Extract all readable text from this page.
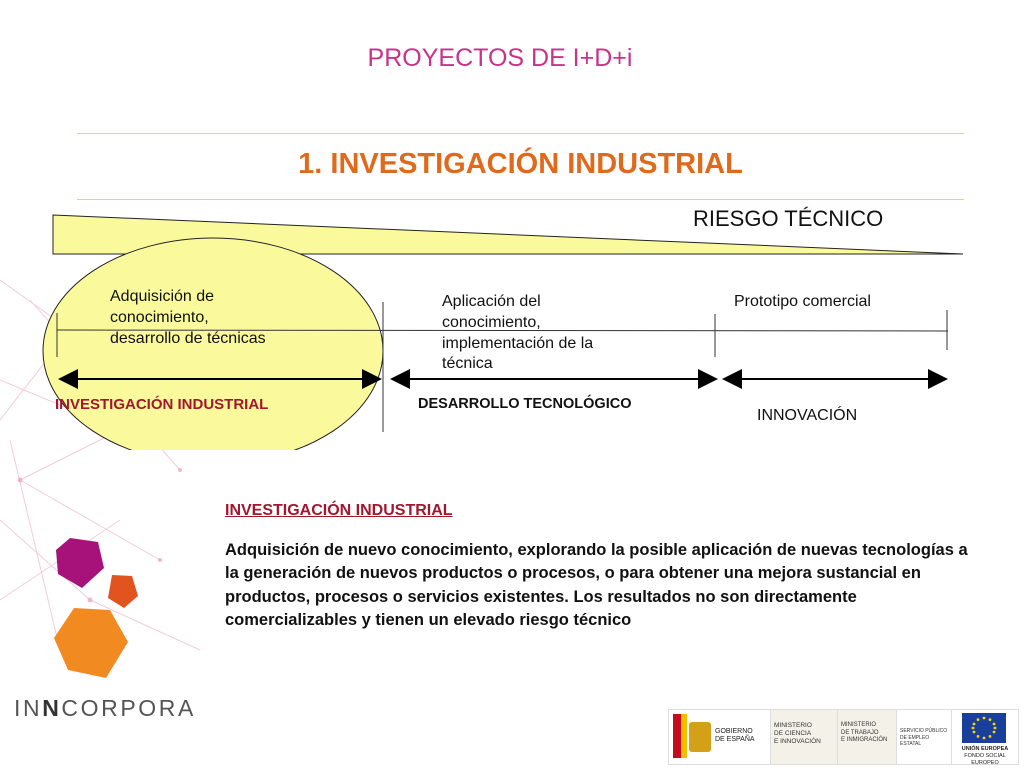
PROYECTOS DE I+D+i
1. INVESTIGACIÓN INDUSTRIAL
RIESGO TÉCNICO
Adquisición de
conocimiento,
desarrollo de técnicas
Aplicación del
conocimiento,
implementación de la
técnica
Prototipo comercial
INVESTIGACIÓN INDUSTRIAL	DESARROLLO TECNOLÓGICO
INNOVACIÓN
INVESTIGACIÓN INDUSTRIAL
Adquisición de nuevo conocimiento, explorando la posible aplicación de nuevas tecnologías a la generación de nuevos productos o procesos, o para obtener una mejora sustancial en productos, procesos o servicios existentes. Los resultados no son directamente comercializables y tienen un elevado riesgo técnico
INNCORPORA
GOBIERNO
DE ESPAÑA
MINISTERIO
DE CIENCIA
E INNOVACIÓN
MINISTERIO
DE TRABAJO
E INMIGRACIÓN
SERVICIO PÚBLICO
DE EMPLEO ESTATAL
UNIÓN EUROPEA
FONDO SOCIAL EUROPEO
